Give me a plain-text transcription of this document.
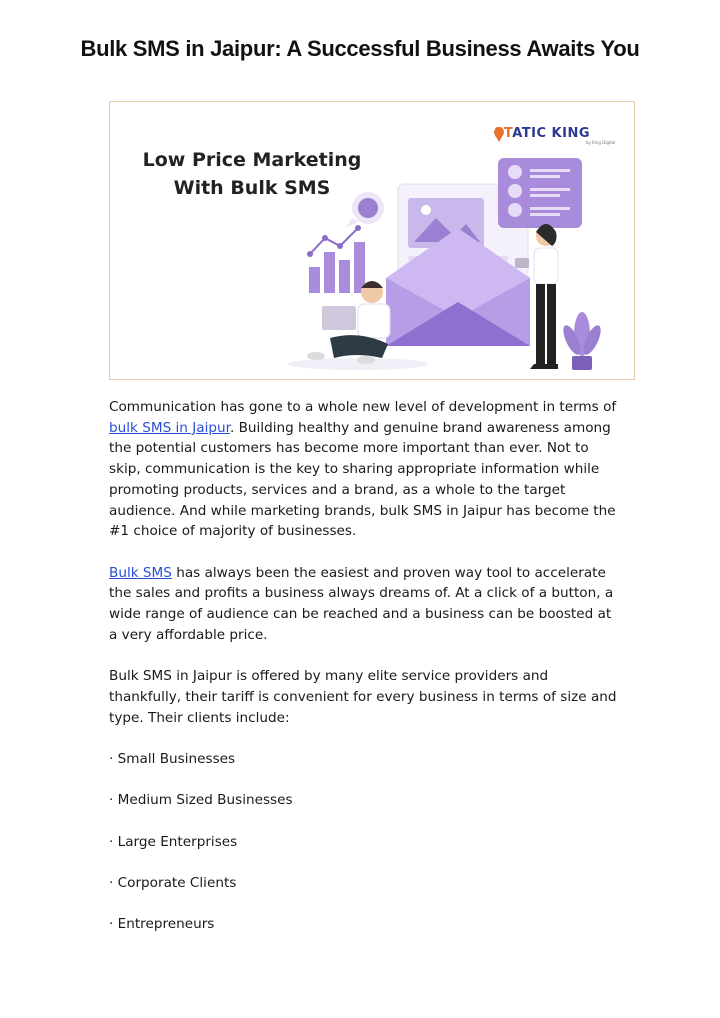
Bulk SMS in Jaipur: A Successful Business Awaits You
Low Price Marketing
With Bulk SMS
STATIC KING
by King Digital

Communication has gone to a whole new level of development in terms of bulk SMS in Jaipur. Building healthy and genuine brand awareness among the potential customers has become more important than ever. Not to skip, communication is the key to sharing appropriate information while promoting products, services and a brand, as a whole to the target audience. And while marketing brands, bulk SMS in Jaipur has become the #1 choice of majority of businesses.

Bulk SMS has always been the easiest and proven way tool to accelerate the sales and profits a business always dreams of. At a click of a button, a wide range of audience can be reached and a business can be boosted at a very affordable price.

Bulk SMS in Jaipur is offered by many elite service providers and thankfully, their tariff is convenient for every business in terms of size and type. Their clients include:

· Small Businesses
· Medium Sized Businesses
· Large Enterprises
· Corporate Clients
· Entrepreneurs
